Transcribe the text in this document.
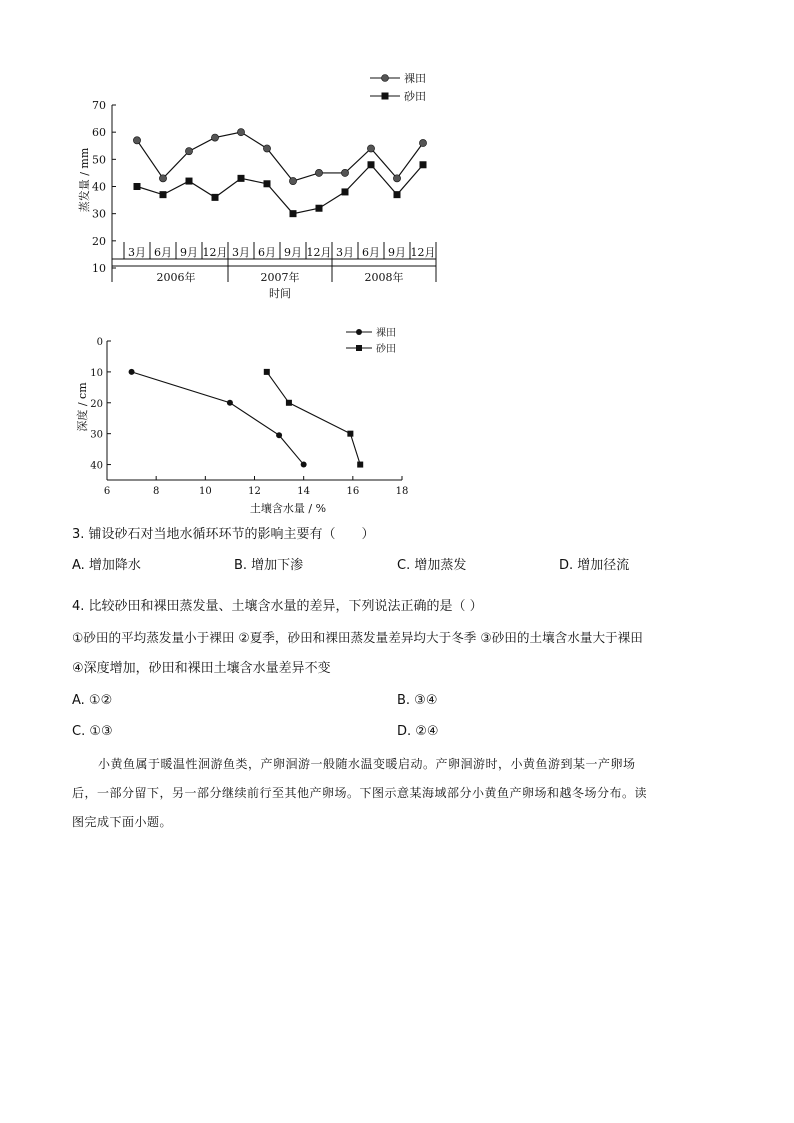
10
20
30
40
50
60
70
蒸发量 / mm
3月 6月 9月 12月 3月 6月 9月 12月 3月 6月 9月 12月
2006年	2007年	2008年
时间
裸田
砂田
0
10
20
30
40
6	8	10	12	14	16	18
深度 / cm
土壤含水量 / %
裸田
砂田
3. 铺设砂石对当地水循环环节的影响主要有（　　）
A. 增加降水	B. 增加下渗	C. 增加蒸发	D. 增加径流
4. 比较砂田和裸田蒸发量、土壤含水量的差异，下列说法正确的是（ ）
①砂田的平均蒸发量小于裸田 ②夏季，砂田和裸田蒸发量差异均大于冬季 ③砂田的土壤含水量大于裸田
④深度增加，砂田和裸田土壤含水量差异不变
A. ①②	B. ③④
C. ①③	D. ②④

小黄鱼属于暖温性洄游鱼类，产卵洄游一般随水温变暖启动。产卵洄游时，小黄鱼游到某一产卵场

后，一部分留下，另一部分继续前行至其他产卵场。下图示意某海域部分小黄鱼产卵场和越冬场分布。读
图完成下面小题。
